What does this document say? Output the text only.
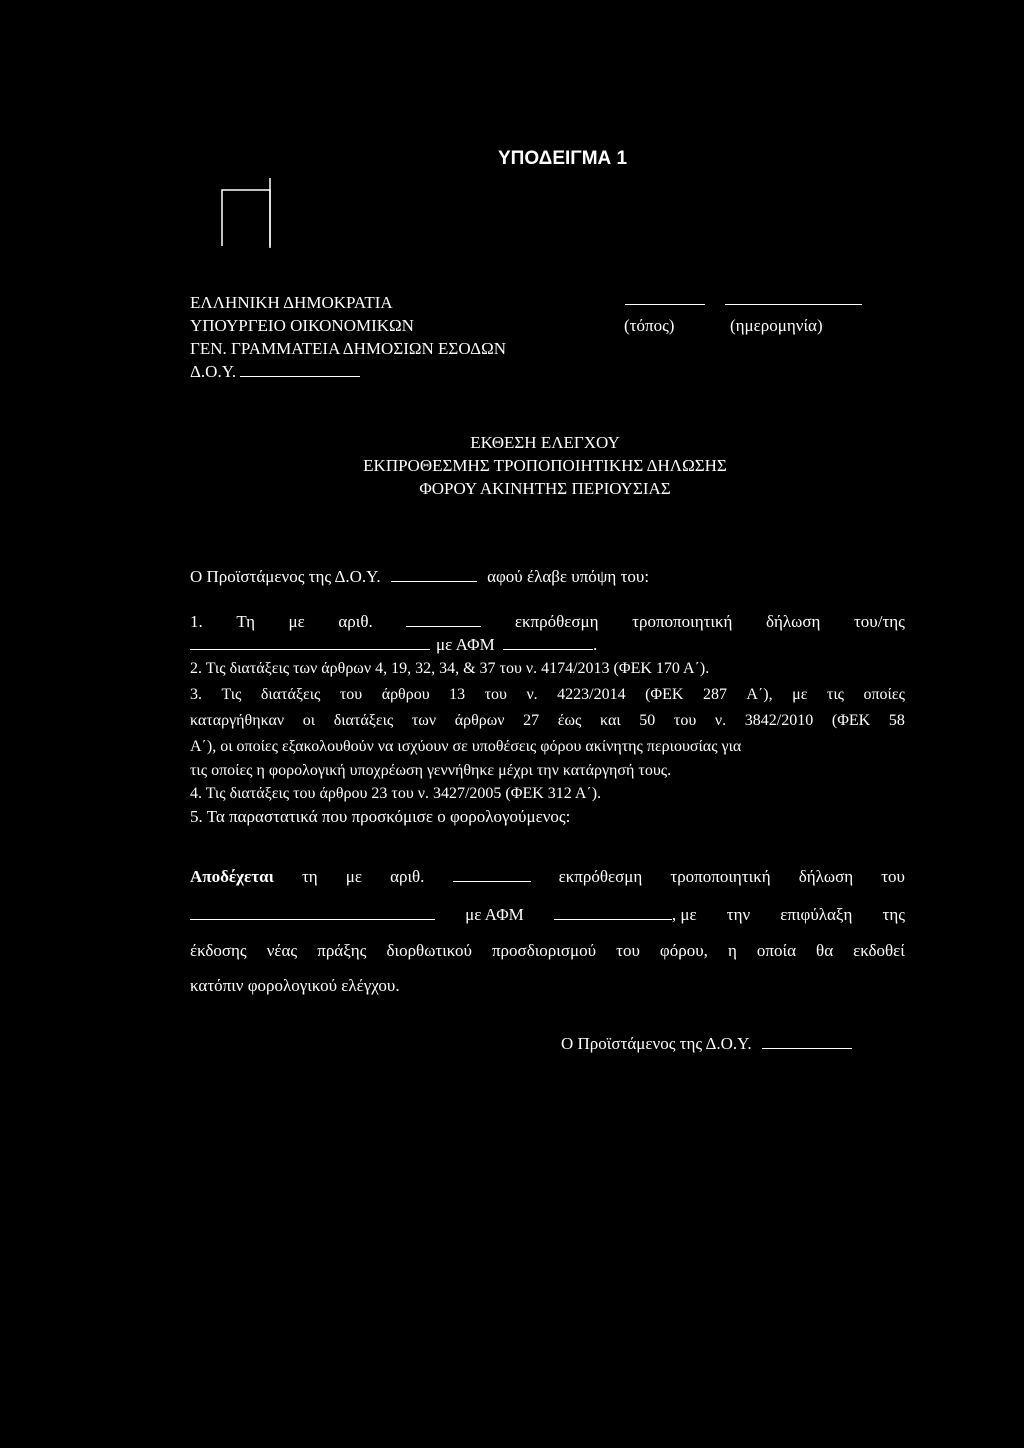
ΥΠΟΔΕΙΓΜΑ 1
ΕΛΛΗΝΙΚΗ ΔΗΜΟΚΡΑΤΙΑ
ΥΠΟΥΡΓΕΙΟ ΟΙΚΟΝΟΜΙΚΩΝ
ΓΕΝ. ΓΡΑΜΜΑΤΕΙΑ ΔΗΜΟΣΙΩΝ ΕΣΟΔΩΝ
Δ.Ο.Υ.
(τόπος)	(ημερομηνία)
ΕΚΘΕΣΗ ΕΛΕΓΧΟΥ
ΕΚΠΡΟΘΕΣΜΗΣ ΤΡΟΠΟΠΟΙΗΤΙΚΗΣ ΔΗΛΩΣΗΣ
ΦΟΡΟΥ ΑΚΙΝΗΤΗΣ ΠΕΡΙΟΥΣΙΑΣ
Ο Προϊστάμενος της Δ.Ο.Υ.	αφού έλαβε υπόψη του:
1. Τη με αριθ.	εκπρόθεσμη τροποποιητική δήλωση του/της
με ΑΦΜ	.
2. Τις διατάξεις των άρθρων 4, 19, 32, 34, & 37 του ν. 4174/2013 (ΦΕΚ 170 Α΄).
3. Τις διατάξεις του άρθρου 13 του ν. 4223/2014 (ΦΕΚ 287 Α΄), με τις οποίες
καταργήθηκαν οι διατάξεις των άρθρων 27 έως και 50 του ν. 3842/2010 (ΦΕΚ 58
Α΄), οι οποίες εξακολουθούν να ισχύουν σε υποθέσεις φόρου ακίνητης περιουσίας για
τις οποίες η φορολογική υποχρέωση γεννήθηκε μέχρι την κατάργησή τους.
4. Τις διατάξεις του άρθρου 23 του ν. 3427/2005 (ΦΕΚ 312 Α΄).
5. Τα παραστατικά που προσκόμισε ο φορολογούμενος:
Αποδέχεται τη με αριθ.	εκπρόθεσμη τροποποιητική δήλωση του
με ΑΦΜ	, με την επιφύλαξη της
έκδοσης νέας πράξης διορθωτικού προσδιορισμού του φόρου, η οποία θα εκδοθεί
κατόπιν φορολογικού ελέγχου.
Ο Προϊστάμενος της Δ.Ο.Υ.
